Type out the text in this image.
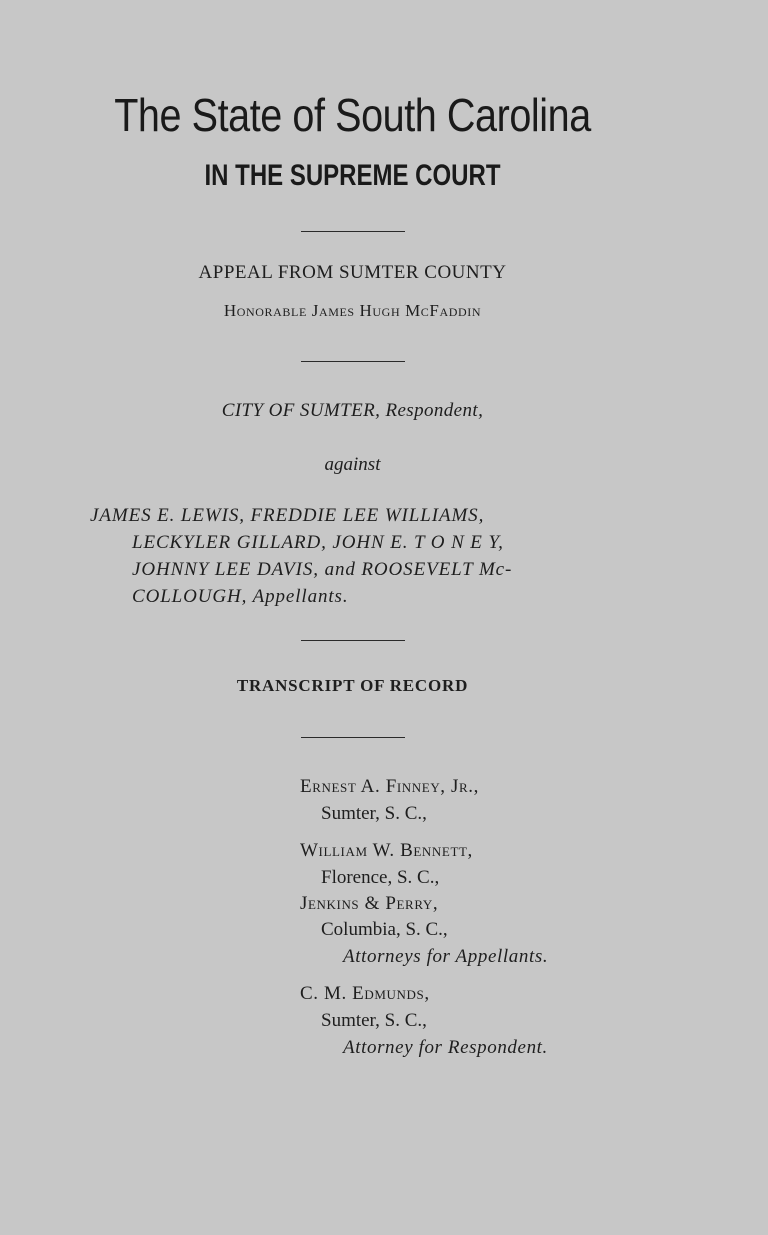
The State of South Carolina
IN THE SUPREME COURT
APPEAL FROM SUMTER COUNTY
Honorable James Hugh McFaddin
CITY OF SUMTER, Respondent,
against
JAMES E. LEWIS, FREDDIE LEE WILLIAMS,
LECKYLER GILLARD, JOHN E. T O N E Y,
JOHNNY LEE DAVIS, and ROOSEVELT Mc-
COLLOUGH, Appellants.
TRANSCRIPT OF RECORD
Ernest A. Finney, Jr.,
Sumter, S. C.,
William W. Bennett,
Florence, S. C.,
Jenkins & Perry,
Columbia, S. C.,
Attorneys for Appellants.
C. M. Edmunds,
Sumter, S. C.,
Attorney for Respondent.
